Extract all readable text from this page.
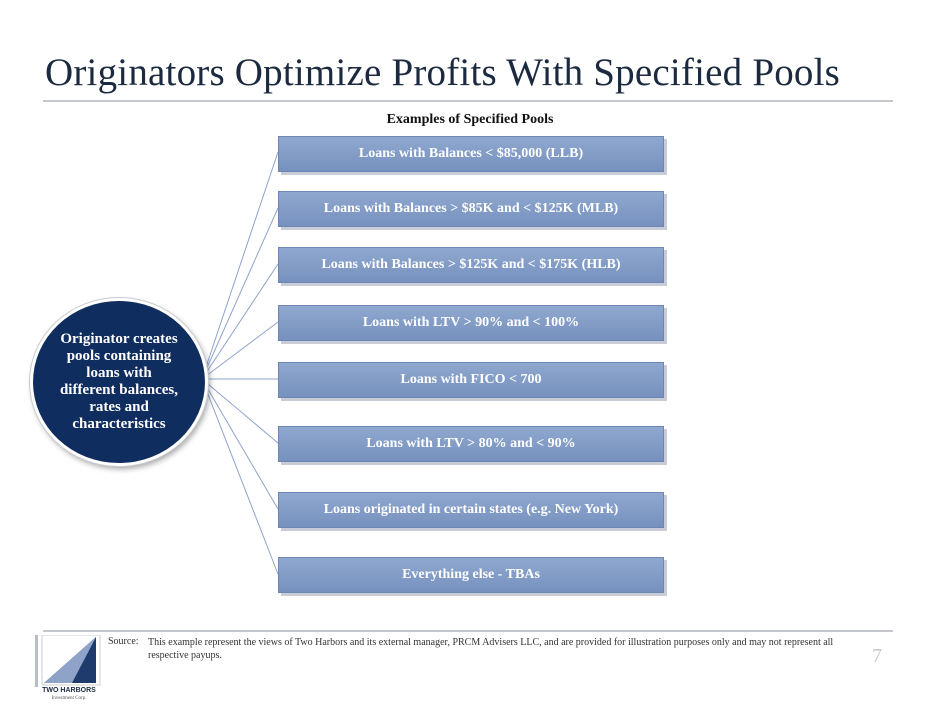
Originators Optimize Profits With Specified Pools
Examples of Specified Pools
Originator creates pools containing loans with different balances, rates and characteristics
Loans with Balances < $85,000 (LLB)
Loans with Balances > $85K and < $125K (MLB)
Loans with Balances > $125K and < $175K (HLB)
Loans with LTV > 90% and < 100%
Loans with FICO < 700
Loans with LTV > 80% and < 90%
Loans originated in certain states (e.g. New York)
Everything else - TBAs
TWO HARBORS
Investment Corp.
Source: This example represent the views of Two Harbors and its external manager, PRCM Advisers LLC, and are provided for illustration purposes only and may not represent all respective payups.	7
